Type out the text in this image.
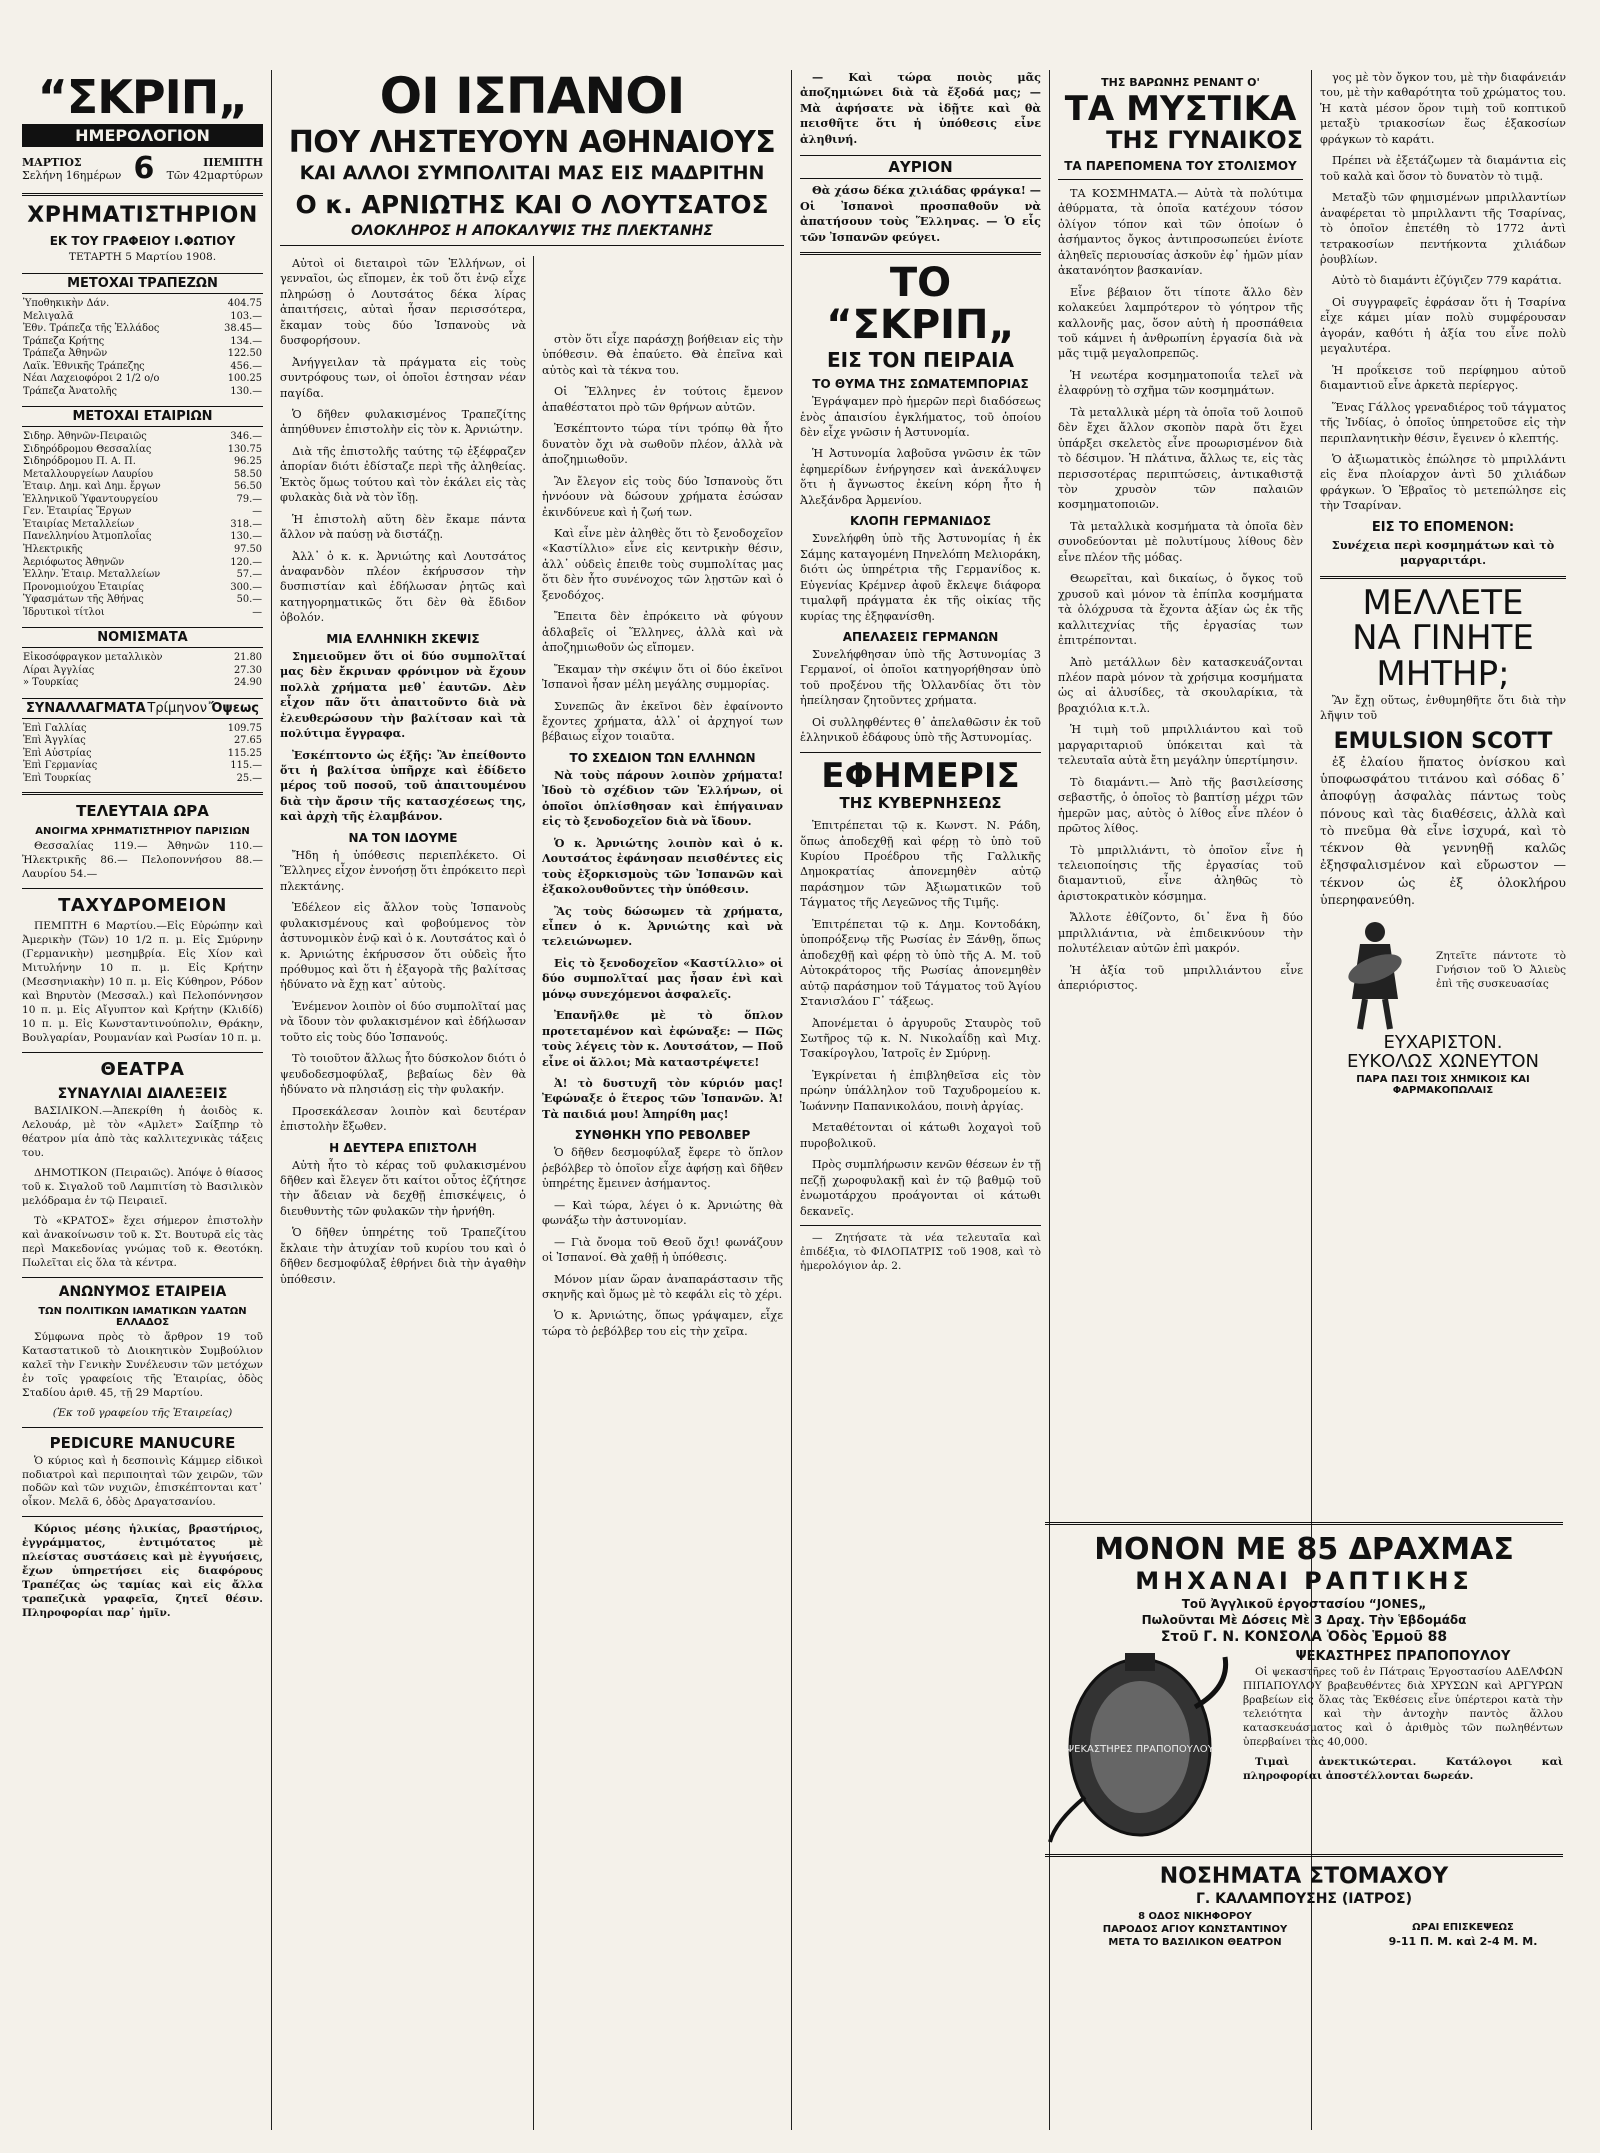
“ΣΚΡΙΠ„
ΗΜΕΡΟΛΟΓΙΟΝ
ΜΑΡΤΙΟΣ
Σελήνη 16ημέρων 6	ΠΕΜΠΤΗ
Τῶν 42μαρτύρων
ΧΡΗΜΑΤΙΣΤΗΡΙΟΝ
ΕΚ ΤΟΥ ΓΡΑΦΕΙΟΥ Ι.ΦΩΤΙΟΥ
ΤΕΤΑΡΤΗ 5 Μαρτίου 1908.
ΜΕΤΟΧΑΙ ΤΡΑΠΕΖΩΝ
Ὑποθηκικὴν Δάν.	404.75
Μελιγαλᾶ	103.—
Ἐθν. Τράπεζα τῆς Ἑλλάδος	38.45—
Τράπεζα Κρήτης	134.—
Τράπεζα Ἀθηνῶν	122.50
Λαϊκ. Ἐθνικῆς Τράπεζης	456.—
Νέαι Λαχειοφόροι 2 1/2 ο/ο	100.25
Τράπεζα Ἀνατολῆς	130.—
ΜΕΤΟΧΑΙ ΕΤΑΙΡΙΩΝ
Σιδηρ. Ἀθηνῶν-Πειραιῶς	346.—
Σιδηρόδρομου Θεσσαλίας	130.75
Σιδηρόδρομου Π. Α. Π.	96.25
Μεταλλουργείων Λαυρίου	58.50
Ἑταιρ. Δημ. καὶ Δημ. ἔργων	56.50
Ἑλληνικοῦ Ὑφαντουργείου	79.—
Γεν. Ἑταιρίας Ἔργων	—
Ἑταιρίας Μεταλλείων	318.—
Πανελληνίου Ἀτμοπλοΐας	130.—
Ἠλεκτρικῆς	97.50
Ἀεριόφωτος Ἀθηνῶν	120.—
Ἑλλην. Ἑταιρ. Μεταλλείων	57.—
Προνομιούχου Ἑταιρίας	300.—
Ὑφασμάτων τῆς Ἀθήνας	50.—
Ἰδρυτικοὶ τίτλοι	—
ΝΟΜΙΣΜΑΤΑ
Εἰκοσόφραγκον μεταλλικὸν	21.80
Λίραι Ἀγγλίας	27.30
» Τουρκίας	24.90
ΣΥΝΑΛΛΑΓΜΑΤΑ Τρίμηνον Ὄψεως
Ἐπὶ Γαλλίας	109.75
Ἐπὶ Ἀγγλίας	27.65
Ἐπὶ Αὐστρίας	115.25
Ἐπὶ Γερμανίας	115.—
Ἐπὶ Τουρκίας	25.—
ΤΕΛΕΥΤΑΙΑ ΩΡΑ
ΑΝΟΙΓΜΑ ΧΡΗΜΑΤΙΣΤΗΡΙΟΥ ΠΑΡΙΣΙΩΝ

Θεσσαλίας 119.— Ἀθηνῶν 110.— Ἠλεκτρικῆς 86.— Πελοποννήσου 88.— Λαυρίου 54.—

ΤΑΧΥΔΡΟΜΕΙΟΝ

ΠΕΜΠΤΗ 6 Μαρτίου.—Εἰς Εὐρώπην καὶ Ἀμερικὴν (Τῶν) 10 1/2 π. μ. Εἰς Σμύρνην (Γερμανικὴν) μεσημβρία. Εἰς Χίον καὶ Μιτυλήνην 10 π. μ. Εἰς Κρήτην (Μεσσηνιακὴν) 10 π. μ. Εἰς Κύθηρον, Ρόδον καὶ Βηρυτὸν (Μεσσαλ.) καὶ Πελοπόννησον 10 π. μ. Εἰς Αἴγυπτον καὶ Κρήτην (Κλιδίδ) 10 π. μ. Εἰς Κωνσταντινούπολιν, Θράκην, Βουλγαρίαν, Ρουμανίαν καὶ Ρωσίαν 10 π. μ.

ΘΕΑΤΡΑ
ΣΥΝΑΥΛΙΑΙ ΔΙΑΛΕΞΕΙΣ

ΒΑΣΙΛΙΚΟΝ.—Ἀπεκρίθη ἡ ἀοιδὸς κ. Λελουάρ, μὲ τὸν «Αμλετ» Σαίξπηρ τὸ θέατρον μία ἀπὸ τὰς καλλιτεχνικὰς τάξεις του.

ΔΗΜΟΤΙΚΟΝ (Πειραιῶς). Ἀπόψε ὁ θίασος τοῦ κ. Σιγαλοῦ τοῦ Λαμπιτίση τὸ Βασιλικὸν μελόδραμα ἐν τῷ Πειραιεῖ.

Τὸ «ΚΡΑΤΟΣ» ἔχει σήμερον ἐπιστολὴν καὶ ἀνακοίνωσιν τοῦ κ. Στ. Βουτυρᾶ εἰς τὰς περὶ Μακεδονίας γνώμας τοῦ κ. Θεοτόκη. Πωλεῖται εἰς ὅλα τὰ κέντρα.

ΑΝΩΝΥΜΟΣ ΕΤΑΙΡΕΙΑ
ΤΩΝ ΠΟΛΙΤΙΚΩΝ ΙΑΜΑΤΙΚΩΝ ΥΔΑΤΩΝ ΕΛΛΑΔΟΣ

Σύμφωνα πρὸς τὸ ἄρθρον 19 τοῦ Καταστατικοῦ τὸ Διοικητικὸν Συμβούλιον καλεῖ τὴν Γενικὴν Συνέλευσιν τῶν μετόχων ἐν τοῖς γραφείοις τῆς Ἐταιρίας, ὁδὸς Σταδίου ἀριθ. 45, τῇ 29 Μαρτίου.

(Ἐκ τοῦ γραφείου τῆς Ἑταιρείας)
PEDICURE MANUCURE

Ὁ κύριος καὶ ἡ δεσποινὶς Κάμμερ εἰδικοὶ ποδιατροὶ καὶ περιποιηταὶ τῶν χειρῶν, τῶν ποδῶν καὶ τῶν νυχιῶν, ἐπισκέπτονται κατ᾽ οἶκον. Μελᾶ 6, ὁδὸς Δραγατσανίου.

Κύριος μέσης ἡλικίας, βραστήριος, ἐγγράμματος, ἐντιμότατος μὲ πλείστας συστάσεις καὶ μὲ ἐγγυήσεις, ἔχων ὑπηρετήσει εἰς διαφόρους Τραπέζας ὡς ταμίας καὶ εἰς ἄλλα τραπεζικὰ γραφεῖα, ζητεῖ θέσιν. Πληροφορίαι παρ᾽ ἡμῖν.

ΟΙ ΙΣΠΑΝΟΙ
ΠΟΥ ΛΗΣΤΕΥΟΥΝ ΑΘΗΝΑΙΟΥΣ
ΚΑΙ ΑΛΛΟΙ ΣΥΜΠΟΛΙΤΑΙ ΜΑΣ ΕΙΣ ΜΑΔΡΙΤΗΝ
Ο κ. ΑΡΝΙΩΤΗΣ ΚΑΙ Ο ΛΟΥΤΣΑΤΟΣ
ΟΛΟΚΛΗΡΟΣ Η ΑΠΟΚΑΛΥΨΙΣ ΤΗΣ ΠΛΕΚΤΑΝΗΣ

Αὐτοὶ οἱ διεταιροὶ τῶν Ἑλλήνων, οἱ γενναῖοι, ὡς εἴπομεν, ἐκ τοῦ ὅτι ἐνῷ εἶχε πληρώσῃ ὁ Λουτσάτος δέκα λίρας ἀπαιτήσεις, αὐταὶ ἦσαν περισσότερα, ἔκαμαν τοὺς δύο Ἰσπανοὺς νὰ δυσφορήσουν.

Ἀνήγγειλαν τὰ πράγματα εἰς τοὺς συντρόφους των, οἱ ὁποῖοι ἐστησαν νέαν παγίδα.

Ὁ δῆθεν φυλακισμένος Τραπεζίτης ἀπηύθυνεν ἐπιστολὴν εἰς τὸν κ. Ἀρνιώτην.

Διὰ τῆς ἐπιστολῆς ταύτης τῷ ἐξέφραζεν ἀπορίαν διότι ἐδίσταζε περὶ τῆς ἀληθείας. Ἐκτὸς ὅμως τούτου καὶ τὸν ἐκάλει εἰς τὰς φυλακὰς διὰ νὰ τὸν ἴδῃ.

Ἡ ἐπιστολὴ αὕτη δὲν ἔκαμε πάντα ἄλλον νὰ παύσῃ νὰ διστάζῃ.

Ἀλλ᾽ ὁ κ. κ. Ἀρνιώτης καὶ Λουτσάτος ἀναφανδὸν πλέον ἐκήρυσσον τὴν δυσπιστίαν καὶ ἐδήλωσαν ῥητῶς καὶ κατηγορηματικῶς ὅτι δὲν θὰ ἔδιδον ὀβολόν.

ΜΙΑ ΕΛΛΗΝΙΚΗ ΣΚΕΨΙΣ

Σημειοῦμεν ὅτι οἱ δύο συμπολῖταί μας δὲν ἔκριναν φρόνιμον νὰ ἔχουν πολλὰ χρήματα μεθ᾽ ἑαυτῶν. Δὲν εἶχον πᾶν ὅτι ἀπαιτοῦντο διὰ νὰ ἐλευθερώσουν τὴν βαλίτσαν καὶ τὰ πολύτιμα ἔγγραφα.

Ἐσκέπτοντο ὡς ἑξῆς: Ἂν ἐπείθοντο ὅτι ἡ βαλίτσα ὑπῆρχε καὶ ἐδίδετο μέρος τοῦ ποσοῦ, τοῦ ἀπαιτουμένου διὰ τὴν ἄρσιν τῆς κατασχέσεως της, καὶ ἀρχὴ τῆς ἐλαμβάνον.

ΝΑ ΤΟΝ ΙΔΟΥΜΕ

Ἤδη ἡ ὑπόθεσις περιεπλέκετο. Οἱ Ἕλληνες εἶχον ἐννοήσῃ ὅτι ἐπρόκειτο περὶ πλεκτάνης.

Ἐδέλεον εἰς ἄλλον τοὺς Ἰσπανοὺς φυλακισμένους καὶ φοβούμενος τὸν ἀστυνομικὸν ἐνῷ καὶ ὁ κ. Λουτσάτος καὶ ὁ κ. Ἀρνιώτης ἐκήρυσσον ὅτι οὐδεὶς ἦτο πρόθυμος καὶ ὅτι ἡ ἐξαγορὰ τῆς βαλίτσας ἠδύνατο νὰ ἔχῃ κατ᾽ αὐτοὺς.

Ἐνέμενον λοιπὸν οἱ δύο συμπολῖταί μας νὰ ἴδουν τὸν φυλακισμένον καὶ ἐδήλωσαν τοῦτο εἰς τοὺς δύο Ἰσπανούς.

Τὸ τοιοῦτον ἄλλως ἦτο δύσκολον διότι ὁ ψευδοδεσμοφύλαξ, βεβαίως δὲν θὰ ἠδύνατο νὰ πλησιάσῃ εἰς τὴν φυλακήν.

Προσεκάλεσαν λοιπὸν καὶ δευτέραν ἐπιστολὴν ἔξωθεν.

Η ΔΕΥΤΕΡΑ ΕΠΙΣΤΟΛΗ

Αὐτὴ ἦτο τὸ κέρας τοῦ φυλακισμένου δῆθεν καὶ ἔλεγεν ὅτι καίτοι οὗτος ἐζήτησε τὴν ἄδειαν νὰ δεχθῇ ἐπισκέψεις, ὁ διευθυντὴς τῶν φυλακῶν τὴν ἠρνήθη.

Ὁ δῆθεν ὑπηρέτης τοῦ Τραπεζίτου ἔκλαιε τὴν ἀτυχίαν τοῦ κυρίου του καὶ ὁ δῆθεν δεσμοφύλαξ ἐθρήνει διὰ τὴν ἀγαθὴν ὑπόθεσιν.

στὸν ὅτι εἶχε παράσχῃ βοήθειαν εἰς τὴν ὑπόθεσιν. Θὰ ἐπαύετο. Θὰ ἐπεῖνα καὶ αὐτὸς καὶ τὰ τέκνα του.

Οἱ Ἕλληνες ἐν τούτοις ἔμενον ἀπαθέστατοι πρὸ τῶν θρήνων αὐτῶν.

Ἐσκέπτοντο τώρα τίνι τρόπῳ θὰ ἦτο δυνατὸν ὄχι νὰ σωθοῦν πλέον, ἀλλὰ νὰ ἀποζημιωθοῦν.

Ἂν ἔλεγον εἰς τοὺς δύο Ἰσπανοὺς ὅτι ἠννόουν νὰ δώσουν χρήματα ἐσώσαν ἐκινδύνευε καὶ ἡ ζωή των.

Καὶ εἶνε μὲν ἀληθὲς ὅτι τὸ ξενοδοχεῖον «Καστίλλιο» εἶνε εἰς κεντρικὴν θέσιν, ἀλλ᾽ οὐδεὶς ἐπειθε τοὺς συμπολίτας μας ὅτι δὲν ἦτο συνένοχος τῶν λῃστῶν καὶ ὁ ξενοδόχος.

Ἔπειτα δὲν ἐπρόκειτο νὰ φύγουν ἀδλαβεῖς οἱ Ἕλληνες, ἀλλὰ καὶ νὰ ἀποζημιωθοῦν ὡς εἴπομεν.

Ἔκαμαν τὴν σκέψιν ὅτι οἱ δύο ἐκεῖνοι Ἰσπανοὶ ἦσαν μέλη μεγάλης συμμορίας.

Συνεπῶς ἂν ἐκεῖνοι δὲν ἐφαίνοντο ἔχοντες χρήματα, ἀλλ᾽ οἱ ἀρχηγοί των βέβαιως εἶχον τοιαῦτα.

ΤΟ ΣΧΕΔΙΟΝ ΤΩΝ ΕΛΛΗΝΩΝ

Νὰ τοὺς πάρουν λοιπὸν χρήματα! Ἰδοὺ τὸ σχέδιον τῶν Ἑλλήνων, οἱ ὁποῖοι ὁπλίσθησαν καὶ ἐπήγαιναν εἰς τὸ ξενοδοχεῖον διὰ νὰ ἴδουν.

Ὁ κ. Ἀρνιώτης λοιπὸν καὶ ὁ κ. Λουτσάτος ἐφάνησαν πεισθέντες εἰς τοὺς ἐξορκισμοὺς τῶν Ἰσπανῶν καὶ ἐξακολουθοῦντες τὴν ὑπόθεσιν.

Ἂς τοὺς δώσωμεν τὰ χρήματα, εἶπεν ὁ κ. Ἀρνιώτης καὶ νὰ τελειώνωμεν.

Εἰς τὸ ξενοδοχεῖον «Καστίλλιο» οἱ δύο συμπολῖταί μας ἦσαν ἑνὶ καὶ μόνῳ συνεχόμενοι ἀσφαλεῖς.

Ἐπανῆλθε μὲ τὸ ὅπλον προτεταμένον καὶ ἐφώναξε: — Πῶς τοὺς λέγεις τὸν κ. Λουτσάτον, — Ποῦ εἶνε οἱ ἄλλοι; Μὰ καταστρέψετε!

Ἀ! τὸ δυστυχῆ τὸν κύριόν μας! Ἐφώναξε ὁ ἕτερος τῶν Ἰσπανῶν. Ἀ! Τὰ παιδιά μου! Ἀπηρίθη μας!

ΣΥΝΘΗΚΗ ΥΠΟ ΡΕΒΟΛΒΕΡ

Ὁ δῆθεν δεσμοφύλαξ ἔφερε τὸ ὅπλον ῥεβόλβερ τὸ ὁποῖον εἶχε ἀφήσῃ καὶ δῆθεν ὑπηρέτης ἔμεινεν ἀσήμαντος.

— Καὶ τώρα, λέγει ὁ κ. Ἀρνιώτης θὰ φωνάξω τὴν ἀστυνομίαν.

— Γιὰ ὄνομα τοῦ Θεοῦ ὄχι! φωνάζουν οἱ Ἰσπανοί. Θὰ χαθῇ ἡ ὑπόθεσις.

Μόνον μίαν ὥραν ἀναπαράστασιν τῆς σκηνῆς καὶ ὅμως μὲ τὸ κεφάλι εἰς τὸ χέρι.

Ὁ κ. Ἀρνιώτης, ὅπως γράψαμεν, εἶχε τώρα τὸ ῥεβόλβερ του εἰς τὴν χεῖρα.

— Καὶ τώρα ποιὸς μᾶς ἀποζημιώνει διὰ τὰ ἔξοδά μας; — Μὰ ἀφήσατε νὰ ἰδῇτε καὶ θὰ πεισθῆτε ὅτι ἡ ὑπόθεσις εἶνε ἀληθινή.

ΑΥΡΙΟΝ

Θὰ χάσω δέκα χιλιάδας φράγκα! — Οἱ Ἰσπανοὶ προσπαθοῦν νὰ ἀπατήσουν τοὺς Ἕλληνας. — Ὁ εἷς τῶν Ἰσπανῶν φεύγει.

ΤΟ “ΣΚΡΙΠ„
ΕΙΣ ΤΟΝ ΠΕΙΡΑΙΑ
ΤΟ ΘΥΜΑ ΤΗΣ ΣΩΜΑΤΕΜΠΟΡΙΑΣ

Ἐγράψαμεν πρὸ ἡμερῶν περὶ διαδόσεως ἑνὸς ἀπαισίου ἐγκλήματος, τοῦ ὁποίου δὲν εἶχε γνῶσιν ἡ Ἀστυνομία.

Ἡ Ἀστυνομία λαβοῦσα γνῶσιν ἐκ τῶν ἐφημερίδων ἐνήργησεν καὶ ἀνεκάλυψεν ὅτι ἡ ἄγνωστος ἐκείνη κόρη ἦτο ἡ Ἀλεξάνδρα Ἀρμενίου.

ΚΛΟΠΗ ΓΕΡΜΑΝΙΔΟΣ

Συνελήφθη ὑπὸ τῆς Ἀστυνομίας ἡ ἐκ Σάμης καταγομένη Πηνελόπη Μελιοράκη, διότι ὡς ὑπηρέτρια τῆς Γερμανίδος κ. Εὐγενίας Κρέμνερ ἀφοῦ ἔκλεψε διάφορα τιμαλφῆ πράγματα ἐκ τῆς οἰκίας τῆς κυρίας της ἐξηφανίσθη.

ΑΠΕΛΑΣΕΙΣ ΓΕΡΜΑΝΩΝ

Συνελήφθησαν ὑπὸ τῆς Ἀστυνομίας 3 Γερμανοί, οἱ ὁποῖοι κατηγορήθησαν ὑπὸ τοῦ προξένου τῆς Ὀλλανδίας ὅτι τὸν ἠπείλησαν ζητοῦντες χρήματα.

Οἱ συλληφθέντες θ᾽ ἀπελαθῶσιν ἐκ τοῦ ἑλληνικοῦ ἐδάφους ὑπὸ τῆς Ἀστυνομίας.

ΕΦΗΜΕΡΙΣ
ΤΗΣ ΚΥΒΕΡΝΗΣΕΩΣ

Ἐπιτρέπεται τῷ κ. Κωνστ. Ν. Ράδη, ὅπως ἀποδεχθῇ καὶ φέρῃ τὸ ὑπὸ τοῦ Κυρίου Προέδρου τῆς Γαλλικῆς Δημοκρατίας ἀπονεμηθὲν αὐτῷ παράσημον τῶν Ἀξιωματικῶν τοῦ Τάγματος τῆς Λεγεῶνος τῆς Τιμῆς.

Ἐπιτρέπεται τῷ κ. Δημ. Κοντοδάκη, ὑποπρόξενῳ τῆς Ρωσίας ἐν Ξάνθῃ, ὅπως ἀποδεχθῇ καὶ φέρῃ τὸ ὑπὸ τῆς Α. Μ. τοῦ Αὐτοκράτορος τῆς Ρωσίας ἀπονεμηθὲν αὐτῷ παράσημον τοῦ Τάγματος τοῦ Ἁγίου Στανισλάου Γ᾽ τάξεως.

Ἀπονέμεται ὁ ἀργυροῦς Σταυρὸς τοῦ Σωτῆρος τῷ κ. Ν. Νικολαΐδῃ καὶ Μιχ. Τσακίρογλου, Ἰατροῖς ἐν Σμύρνῃ.

Ἐγκρίνεται ἡ ἐπιβληθεῖσα εἰς τὸν πρώην ὑπάλληλον τοῦ Ταχυδρομείου κ. Ἰωάννην Παπανικολάου, ποινὴ ἀργίας.

Μεταθέτονται οἱ κάτωθι λοχαγοὶ τοῦ πυροβολικοῦ.

Πρὸς συμπλήρωσιν κενῶν θέσεων ἐν τῇ πεζῇ χωροφυλακῇ καὶ ἐν τῷ βαθμῷ τοῦ ἐνωμοτάρχου προάγονται οἱ κάτωθι δεκανεῖς.

— Ζητήσατε τὰ νέα τελευταῖα καὶ ἐπιδέξια, τὸ ΦΙΛΟΠΑΤΡΙΣ τοῦ 1908, καὶ τὸ ἡμερολόγιον ἀρ. 2.

ΤΗΣ ΒΑΡΩΝΗΣ ΡΕΝΑΝΤ Ο'
ΤΑ ΜΥΣΤΙΚΑ
ΤΗΣ ΓΥΝΑΙΚΟΣ
ΤΑ ΠΑΡΕΠΟΜΕΝΑ ΤΟΥ ΣΤΟΛΙΣΜΟΥ

ΤΑ ΚΟΣΜΗΜΑΤΑ.— Αὐτὰ τὰ πολύτιμα ἀθύρματα, τὰ ὁποῖα κατέχουν τόσον ὀλίγον τόπον καὶ τῶν ὁποίων ὁ ἀσήμαντος ὄγκος ἀντιπροσωπεύει ἐνίοτε ἀληθεῖς περιουσίας ἀσκοῦν ἐφ᾽ ἡμῶν μίαν ἀκατανόητον βασκανίαν.

Εἶνε βέβαιον ὅτι τίποτε ἄλλο δὲν κολακεύει λαμπρότερον τὸ γόητρον τῆς καλλονῆς μας, ὅσον αὐτὴ ἡ προσπάθεια τοῦ κάμνει ἡ ἀνθρωπίνη ἐργασία διὰ νὰ μᾶς τιμᾷ μεγαλοπρεπῶς.

Ἡ νεωτέρα κοσμηματοποιΐα τελεῖ νὰ ἐλαφρύνῃ τὸ σχῆμα τῶν κοσμημάτων.

Τὰ μεταλλικὰ μέρη τὰ ὁποῖα τοῦ λοιποῦ δὲν ἔχει ἄλλον σκοπὸν παρὰ ὅτι ἔχει ὑπάρξει σκελετὸς εἶνε προωρισμένον διὰ τὸ δέσιμον. Ἡ πλάτινα, ἄλλως τε, εἰς τὰς περισσοτέρας περιπτώσεις, ἀντικαθιστᾷ τὸν χρυσὸν τῶν παλαιῶν κοσμηματοποιῶν.

Τὰ μεταλλικὰ κοσμήματα τὰ ὁποῖα δὲν συνοδεύονται μὲ πολυτίμους λίθους δὲν εἶνε πλέον τῆς μόδας.

Θεωρεῖται, καὶ δικαίως, ὁ ὄγκος τοῦ χρυσοῦ καὶ μόνον τὰ ἐπίπλα κοσμήματα τὰ ὁλόχρυσα τὰ ἔχοντα ἀξίαν ὡς ἐκ τῆς καλλιτεχνίας τῆς ἐργασίας των ἐπιτρέπονται.

Ἀπὸ μετάλλων δὲν κατασκευάζονται πλέον παρὰ μόνον τὰ χρήσιμα κοσμήματα ὡς αἱ ἁλυσίδες, τὰ σκουλαρίκια, τὰ βραχιόλια κ.τ.λ.

Ἡ τιμὴ τοῦ μπριλλιάντου καὶ τοῦ μαργαριταριοῦ ὑπόκειται καὶ τὰ τελευταῖα αὐτὰ ἔτη μεγάλην ὑπερτίμησιν.

Τὸ διαμάντι.— Ἀπὸ τῆς βασιλείσσης σεβαστῆς, ὁ ὁποῖος τὸ βαπτίσῃ μέχρι τῶν ἡμερῶν μας, αὐτὸς ὁ λίθος εἶνε πλέον ὁ πρῶτος λίθος.

Τὸ μπριλλιάντι, τὸ ὁποῖον εἶνε ἡ τελειοποίησις τῆς ἐργασίας τοῦ διαμαντιοῦ, εἶνε ἀληθῶς τὸ ἀριστοκρατικὸν κόσμημα.

Ἄλλοτε ἐθίζοντο, δι᾽ ἕνα ἢ δύο μπριλλιάντια, νὰ ἐπιδεικνύουν τὴν πολυτέλειαν αὐτῶν ἐπὶ μακρόν.

Ἡ ἀξία τοῦ μπριλλιάντου εἶνε ἀπεριόριστος.

ΜΟΝΟΝ ΜΕ 85 ΔΡΑΧΜΑΣ
ΜΗΧΑΝΑΙ ΡΑΠΤΙΚΗΣ
Τοῦ Ἀγγλικοῦ ἐργοστασίου “JONES„
Πωλοῦνται Μὲ Δόσεις Μὲ 3 Δραχ. Τὴν Ἑβδομάδα
Στοῦ Γ. Ν. ΚΟΝΣΟΛΑ Ὁδὸς Ἑρμοῦ 88
ΨΕΚΑΣΤΗΡΕΣ ΠΡΑΠΟΠΟΥΛΟΥ
ΨΕΚΑΣΤΗΡΕΣ ΠΡΑΠΟΠΟΥΛΟΥ

Οἱ ψεκαστῆρες τοῦ ἐν Πάτραις Ἐργοστασίου ΑΔΕΛΦΩΝ ΠΙΠΑΠΟΥΛΟΥ βραβευθέντες διὰ ΧΡΥΣΩΝ καὶ ΑΡΓΥΡΩΝ βραβείων εἰς ὅλας τὰς Ἐκθέσεις εἶνε ὑπέρτεροι κατὰ τὴν τελειότητα καὶ τὴν ἀντοχὴν παντὸς ἄλλου κατασκευάσματος καὶ ὁ ἀριθμὸς τῶν πωληθέντων ὑπερβαίνει τὰς 40,000.

Τιμαὶ ἀνεκτικώτεραι. Κατάλογοι καὶ πληροφορίαι ἀποστέλλονται δωρεάν.

ΝΟΣΗΜΑΤΑ ΣΤΟΜΑΧΟΥ
Γ. ΚΑΛΑΜΠΟΥΣΗΣ (ΙΑΤΡΟΣ)
8 ΟΔΟΣ ΝΙΚΗΦΟΡΟΥ
ΠΑΡΟΔΟΣ ΑΓΙΟΥ ΚΩΝΣΤΑΝΤΙΝΟΥ
ΜΕΤΑ ΤΟ ΒΑΣΙΛΙΚΟΝ ΘΕΑΤΡΟΝ
ΩΡΑΙ ΕΠΙΣΚΕΨΕΩΣ
9-11 Π. Μ. καὶ 2-4 Μ. Μ.

γος μὲ τὸν ὄγκον του, μὲ τὴν διαφάνειάν του, μὲ τὴν καθαρότητα τοῦ χρώματος του. Ἡ κατὰ μέσον ὅρον τιμὴ τοῦ κοπτικοῦ μεταξὺ τριακοσίων ἕως ἑξακοσίων φράγκων τὸ καράτι.

Πρέπει νὰ ἐξετάζωμεν τὰ διαμάντια εἰς τοῦ καλὰ καὶ ὅσον τὸ δυνατὸν τὸ τιμᾷ.

Μεταξὺ τῶν φημισμένων μπριλλαντίων ἀναφέρεται τὸ μπριλλαντι τῆς Τσαρίνας, τὸ ὁποῖον ἐπετέθη τὸ 1772 ἀντὶ τετρακοσίων πεντήκοντα χιλιάδων ῥουβλίων.

Αὐτὸ τὸ διαμάντι ἐζύγιζεν 779 καράτια.

Οἱ συγγραφεῖς ἐφράσαν ὅτι ἡ Τσαρίνα εἶχε κάμει μίαν πολὺ συμφέρουσαν ἀγοράν, καθότι ἡ ἀξία του εἶνε πολὺ μεγαλυτέρα.

Ἡ προΐκεισε τοῦ περίφημου αὐτοῦ διαμαντιοῦ εἶνε ἀρκετὰ περίεργος.

Ἕνας Γάλλος γρεναδιέρος τοῦ τάγματος τῆς Ἰνδίας, ὁ ὁποῖος ὑπηρετοῦσε εἰς τὴν περιπλανητικὴν θέσιν, ἔγεινεν ὁ κλεπτής.

Ὁ ἀξιωματικὸς ἐπώλησε τὸ μπριλλάντι εἰς ἕνα πλοίαρχον ἀντὶ 50 χιλιάδων φράγκων. Ὁ Ἐβραῖος τὸ μετεπώλησε εἰς τὴν Τσαρίναν.

ΕΙΣ ΤΟ ΕΠΟΜΕΝΟΝ:

Συνέχεια περὶ κοσμημάτων καὶ τὸ μαργαριτάρι.

ΜΕΛΛΕΤΕ
ΝΑ ΓΙΝΗΤΕ
ΜΗΤΗΡ;

Ἂν ἔχῃ οὕτως, ἐνθυμηθῆτε ὅτι διὰ τὴν λῆψιν τοῦ

EMULSION SCOTT

ἐξ ἐλαίου ἥπατος ὀνίσκου καὶ ὑποφωσφάτου τιτάνου καὶ σόδας δ᾽ ἀποφύγῃ ἀσφαλὰς πάντως τοὺς πόνους καὶ τὰς διαθέσεις, ἀλλὰ καὶ τὸ πνεῦμα θὰ εἶνε ἰσχυρά, καὶ τὸ τέκνον θὰ γεννηθῇ καλῶς ἐξησφαλισμένον καὶ εὔρωστον — τέκνον ὡς ἐξ ὁλοκλήρου ὑπερηφανεύθη.

Ζητεῖτε πάντοτε τὸ Γνήσιον τοῦ Ὁ Ἀλιεὺς ἐπὶ τῆς συσκευασίας

ΕΥΧΑΡΙΣΤΟΝ.
ΕΥΚΟΛΩΣ ΧΩΝΕΥΤΟΝ
ΠΑΡΑ ΠΑΣΙ ΤΟΙΣ ΧΗΜΙΚΟΙΣ ΚΑΙ ΦΑΡΜΑΚΟΠΩΛΑΙΣ
